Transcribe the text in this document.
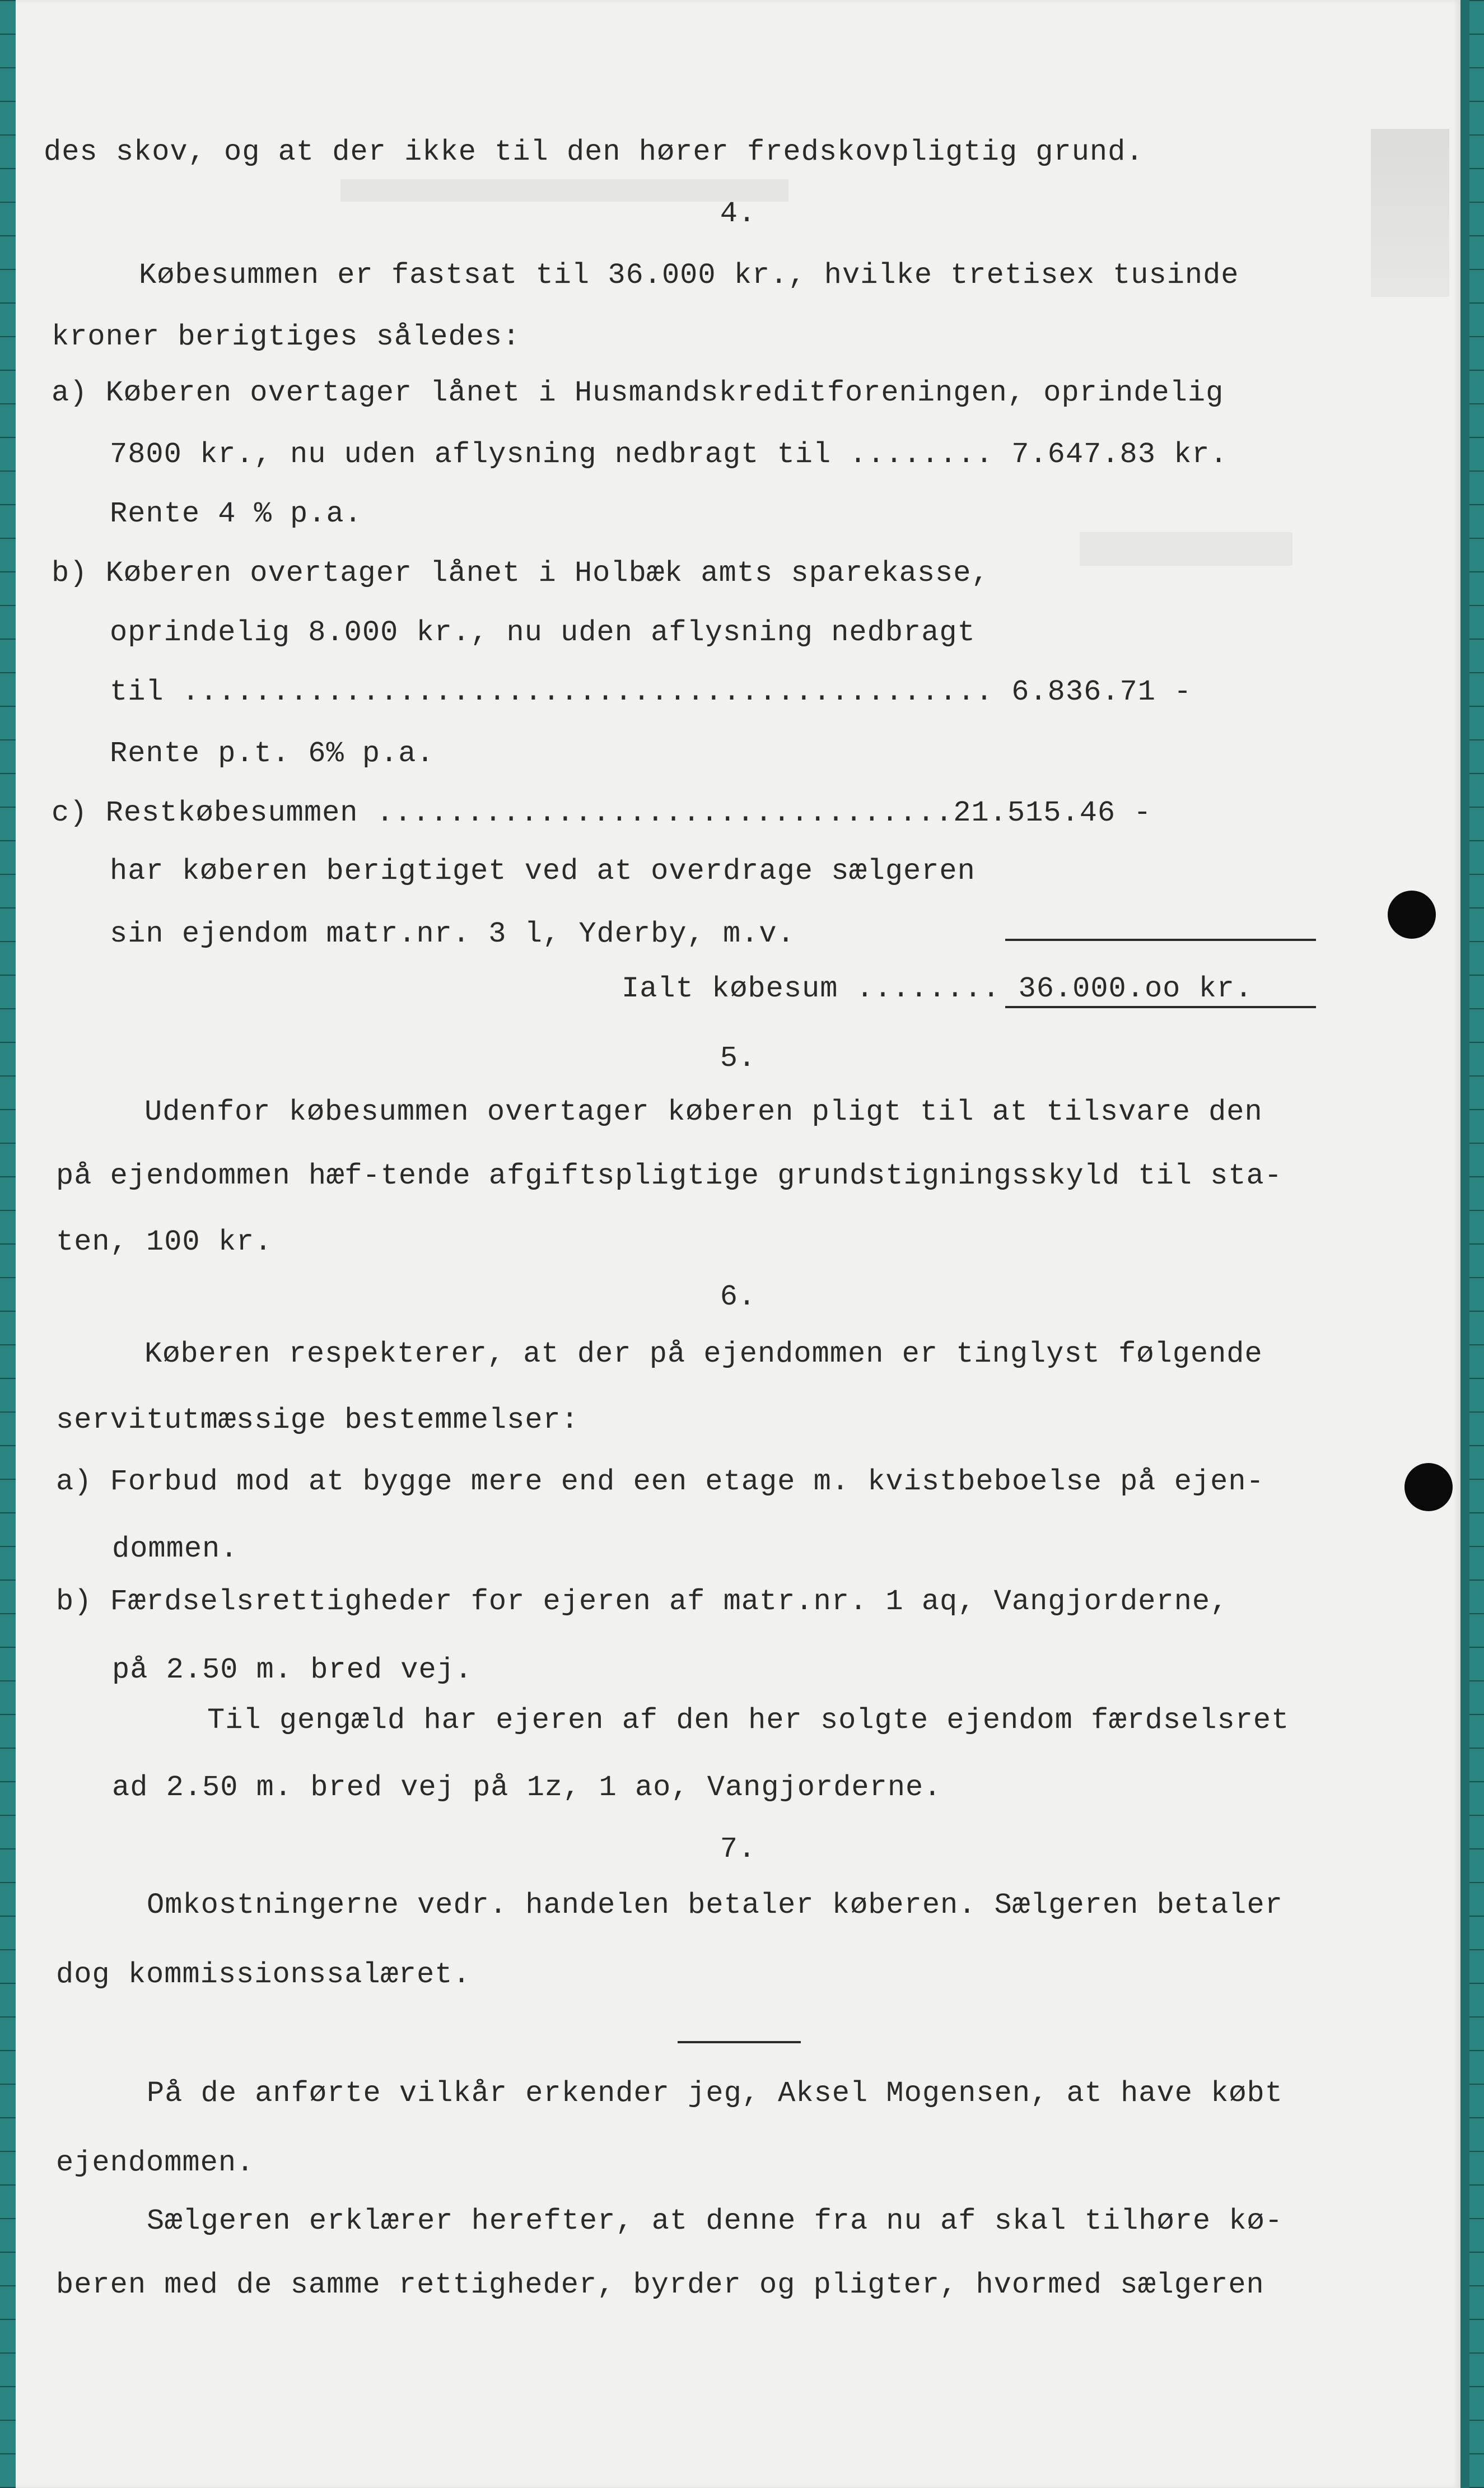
des skov, og at der ikke til den hører fredskovpligtig grund.
4.
Købesummen er fastsat til 36.000 kr., hvilke tretisex tusinde
kroner berigtiges således:
a) Køberen overtager lånet i Husmandskreditforeningen, oprindelig
7800 kr., nu uden aflysning nedbragt til ........ 7.647.83 kr.
Rente 4 % p.a.
b) Køberen overtager lånet i Holbæk amts sparekasse,
oprindelig 8.000 kr., nu uden aflysning nedbragt
til ............................................. 6.836.71 -
Rente p.t. 6% p.a.
c) Restkøbesummen ................................21.515.46 -
har køberen berigtiget ved at overdrage sælgeren
sin ejendom matr.nr. 3 l, Yderby, m.v.
Ialt købesum ........ 36.000.oo kr.
5.
Udenfor købesummen overtager køberen pligt til at tilsvare den
på ejendommen hæf-tende afgiftspligtige grundstigningsskyld til sta-
ten, 100 kr.
6.
Køberen respekterer, at der på ejendommen er tinglyst følgende
servitutmæssige bestemmelser:
a) Forbud mod at bygge mere end een etage m. kvistbeboelse på ejen-
dommen.
b) Færdselsrettigheder for ejeren af matr.nr. 1 aq, Vangjorderne,
på 2.50 m. bred vej.
Til gengæld har ejeren af den her solgte ejendom færdselsret
ad 2.50 m. bred vej på 1z, 1 ao, Vangjorderne.
7.
Omkostningerne vedr. handelen betaler køberen. Sælgeren betaler
dog kommissionssalæret.
På de anførte vilkår erkender jeg, Aksel Mogensen, at have købt
ejendommen.
Sælgeren erklærer herefter, at denne fra nu af skal tilhøre kø-
beren med de samme rettigheder, byrder og pligter, hvormed sælgeren
